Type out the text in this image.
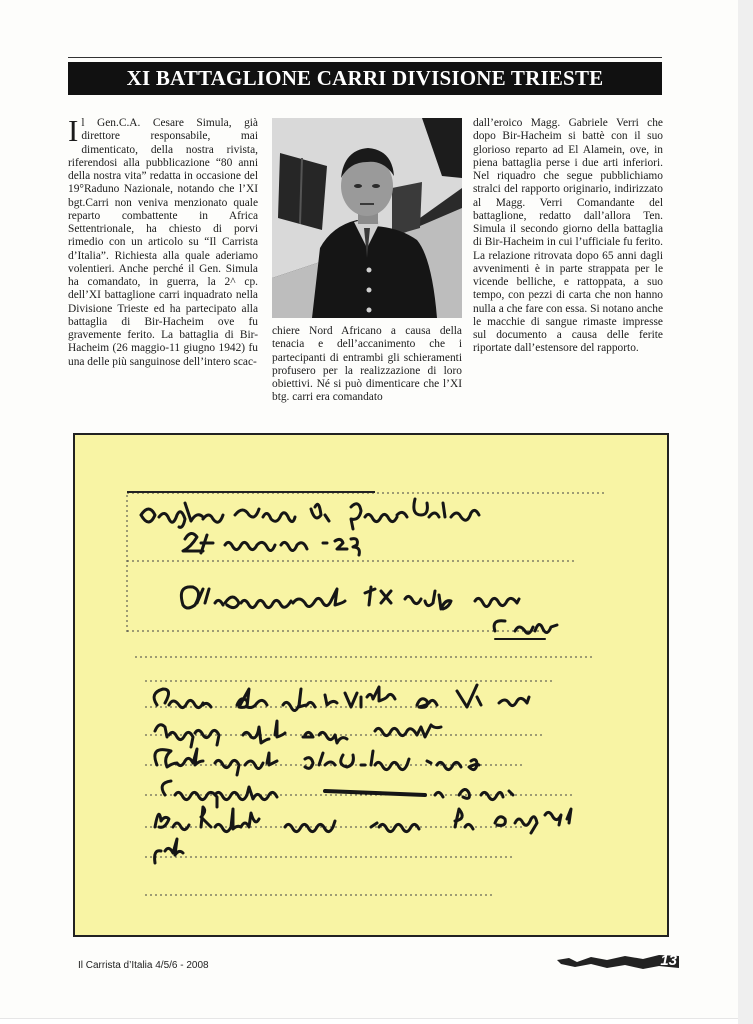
XI BATTAGLIONE CARRI DIVISIONE TRIESTE
I l Gen.C.A. Cesare Simula, già direttore responsabile, mai dimenticato, della nostra rivista, riferendosi alla pubblicazione “80 anni della nostra vita” redatta in occasione del 19°Raduno Nazionale, notando che l’XI bgt.Carri non veniva menzionato quale reparto combattente in Africa Settentrionale, ha chiesto di porvi rimedio con un articolo su “Il Carrista d’Italia”. Richiesta alla quale aderiamo volentieri. Anche perché il Gen. Simula ha comandato, in guerra, la 2^ cp. dell’XI battaglione carri inquadrato nella Divisione Trieste ed ha partecipato alla battaglia di Bir-Hacheim ove fu gravemente ferito. La battaglia di Bir-Hacheim (26 maggio-11 giugno 1942) fu una delle più sanguinose dell’intero scac-

chiere Nord Africano a causa della tenacia e dell’accanimento che i partecipanti di entrambi gli schieramenti profusero per la realizzazione di loro obiettivi. Né si può dimenticare che l’XI btg. carri era comandato

dall’eroico Magg. Gabriele Verri che dopo Bir-Hacheim si battè con il suo glorioso reparto ad El Alamein, ove, in piena battaglia perse i due arti inferiori. Nel riquadro che segue pubblichiamo stralci del rapporto originario, indirizzato al Magg. Verri Comandante del battaglione, redatto dall’allora Ten. Simula il secondo giorno della battaglia di Bir-Hacheim in cui l’ufficiale fu ferito. La relazione ritrovata dopo 65 anni dagli avvenimenti è in parte strappata per le vicende belliche, e rattoppata, a suo tempo, con pezzi di carta che non hanno nulla a che fare con essa. Si notano anche le macchie di sangue rimaste impresse sul documento a causa delle ferite riportate dall’estensore del rapporto.

Il Carrista d’Italia 4/5/6 - 2008	13
